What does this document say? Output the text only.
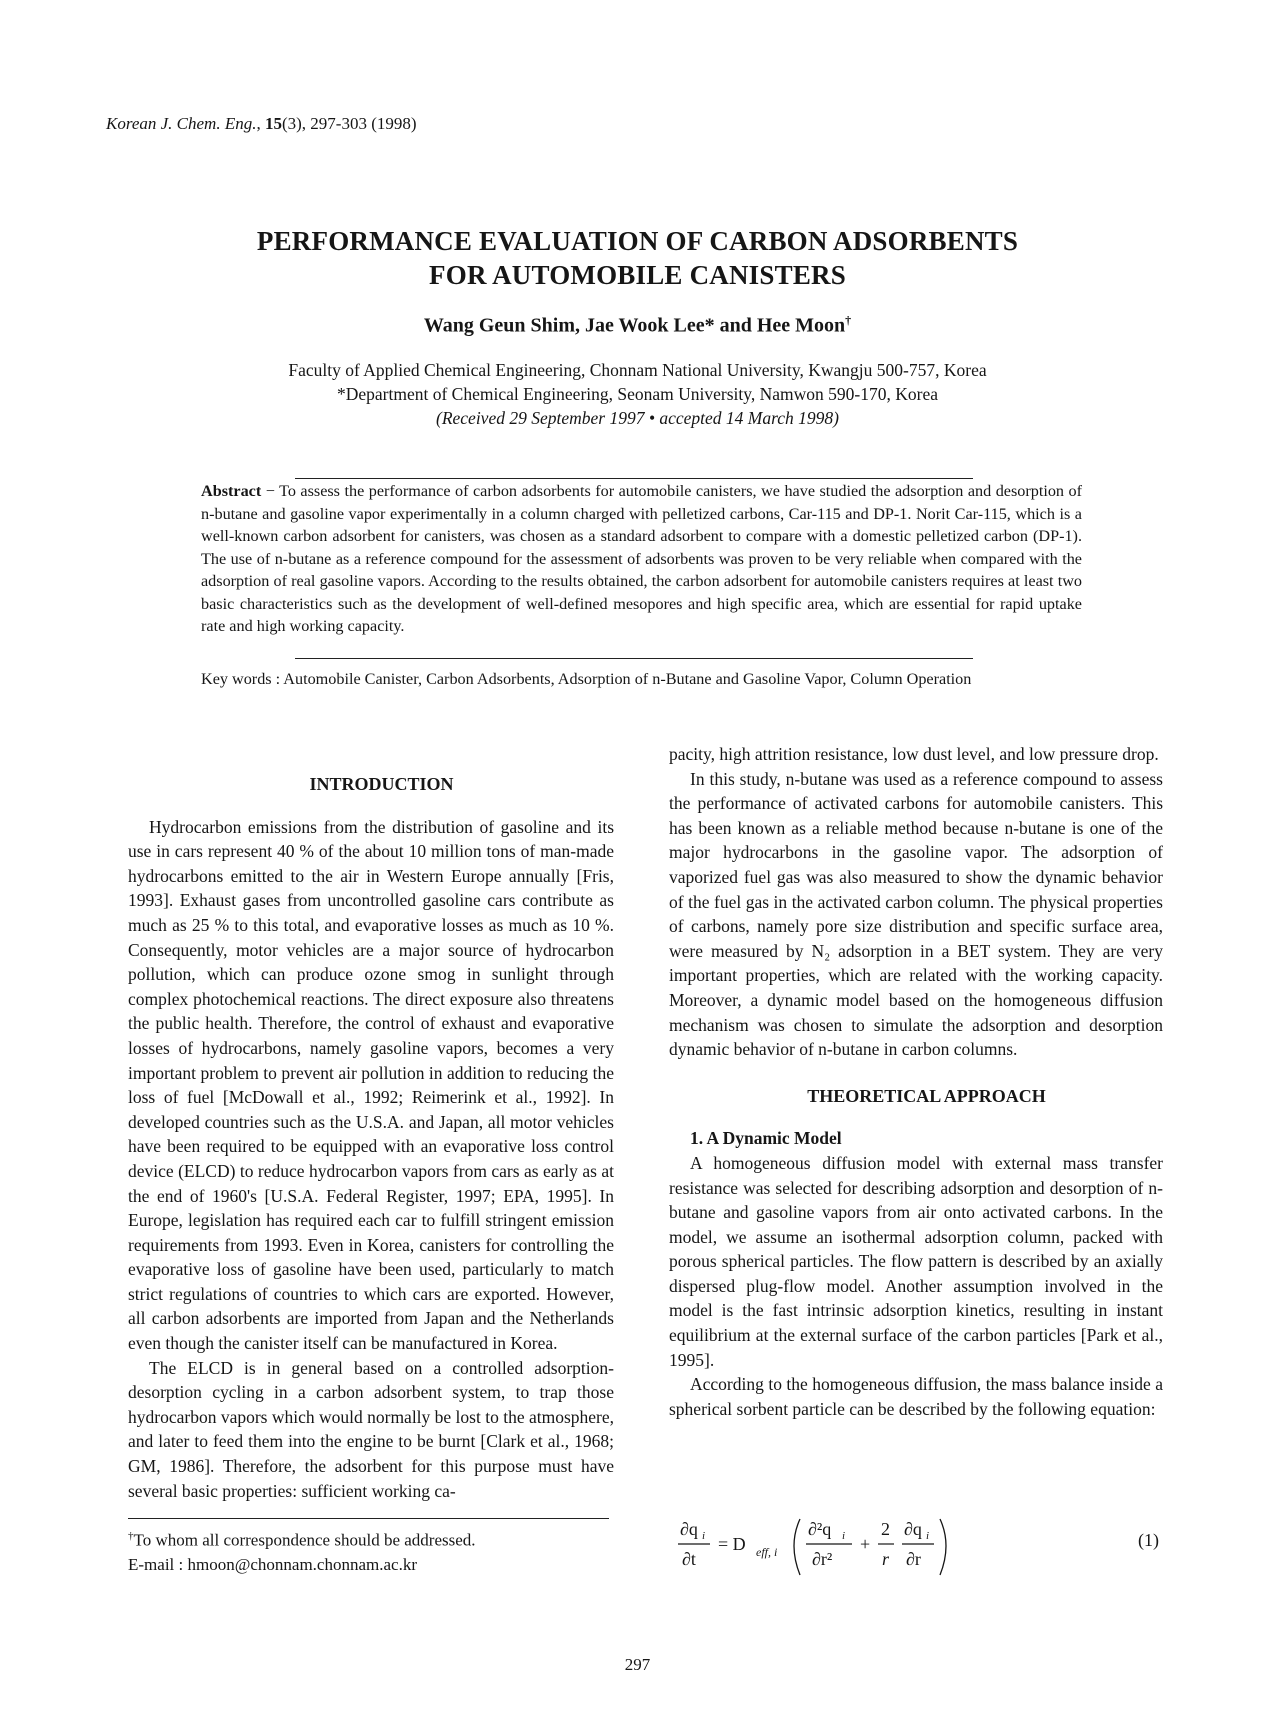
Korean J. Chem. Eng., 15(3), 297-303 (1998)
PERFORMANCE EVALUATION OF CARBON ADSORBENTS
FOR AUTOMOBILE CANISTERS
Wang Geun Shim, Jae Wook Lee* and Hee Moon†
Faculty of Applied Chemical Engineering, Chonnam National University, Kwangju 500-757, Korea
*Department of Chemical Engineering, Seonam University, Namwon 590-170, Korea
(Received 29 September 1997 • accepted 14 March 1998)
Abstract − To assess the performance of carbon adsorbents for automobile canisters, we have studied the adsorption and desorption of n-butane and gasoline vapor experimentally in a column charged with pelletized carbons, Car-115 and DP-1. Norit Car-115, which is a well-known carbon adsorbent for canisters, was chosen as a standard adsorbent to compare with a domestic pelletized carbon (DP-1). The use of n-butane as a reference compound for the assessment of adsorbents was proven to be very reliable when compared with the adsorption of real gasoline vapors. According to the results obtained, the carbon adsorbent for automobile canisters requires at least two basic characteristics such as the development of well-defined mesopores and high specific area, which are essential for rapid uptake rate and high working capacity.
Key words : Automobile Canister, Carbon Adsorbents, Adsorption of n-Butane and Gasoline Vapor, Column Operation

INTRODUCTION

Hydrocarbon emissions from the distribution of gasoline and its use in cars represent 40 % of the about 10 million tons of man-made hydrocarbons emitted to the air in Western Europe annually [Fris, 1993]. Exhaust gases from uncontrolled gasoline cars contribute as much as 25 % to this total, and evaporative losses as much as 10 %. Consequently, motor vehicles are a major source of hydrocarbon pollution, which can produce ozone smog in sunlight through complex photochemical reactions. The direct exposure also threatens the public health. Therefore, the control of exhaust and evaporative losses of hydrocarbons, namely gasoline vapors, becomes a very important problem to prevent air pollution in addition to reducing the loss of fuel [McDowall et al., 1992; Reimerink et al., 1992]. In developed countries such as the U.S.A. and Japan, all motor vehicles have been required to be equipped with an evaporative loss control device (ELCD) to reduce hydrocarbon vapors from cars as early as at the end of 1960's [U.S.A. Federal Register, 1997; EPA, 1995]. In Europe, legislation has required each car to fulfill stringent emission requirements from 1993. Even in Korea, canisters for controlling the evaporative loss of gasoline have been used, particularly to match strict regulations of countries to which cars are exported. However, all carbon adsorbents are imported from Japan and the Netherlands even though the canister itself can be manufactured in Korea.

The ELCD is in general based on a controlled adsorption-desorption cycling in a carbon adsorbent system, to trap those hydrocarbon vapors which would normally be lost to the atmosphere, and later to feed them into the engine to be burnt [Clark et al., 1968; GM, 1986]. Therefore, the adsorbent for this purpose must have several basic properties: sufficient working ca-

pacity, high attrition resistance, low dust level, and low pressure drop.

In this study, n-butane was used as a reference compound to assess the performance of activated carbons for automobile canisters. This has been known as a reliable method because n-butane is one of the major hydrocarbons in the gasoline vapor. The adsorption of vaporized fuel gas was also measured to show the dynamic behavior of the fuel gas in the activated carbon column. The physical properties of carbons, namely pore size distribution and specific surface area, were measured by N₂ adsorption in a BET system. They are very important properties, which are related with the working capacity. Moreover, a dynamic model based on the homogeneous diffusion mechanism was chosen to simulate the adsorption and desorption dynamic behavior of n-butane in carbon columns.

THEORETICAL APPROACH

1. A Dynamic Model

A homogeneous diffusion model with external mass transfer resistance was selected for describing adsorption and desorption of n-butane and gasoline vapors from air onto activated carbons. In the model, we assume an isothermal adsorption column, packed with porous spherical particles. The flow pattern is described by an axially dispersed plug-flow model. Another assumption involved in the model is the fast intrinsic adsorption kinetics, resulting in instant equilibrium at the external surface of the carbon particles [Park et al., 1995].

According to the homogeneous diffusion, the mass balance inside a spherical sorbent particle can be described by the following equation:

∂q i
∂t
= D eff, i
∂²q i
∂r²
+
2
r
∂q i
∂r
(1)
†To whom all correspondence should be addressed.
E-mail : hmoon@chonnam.chonnam.ac.kr
297
